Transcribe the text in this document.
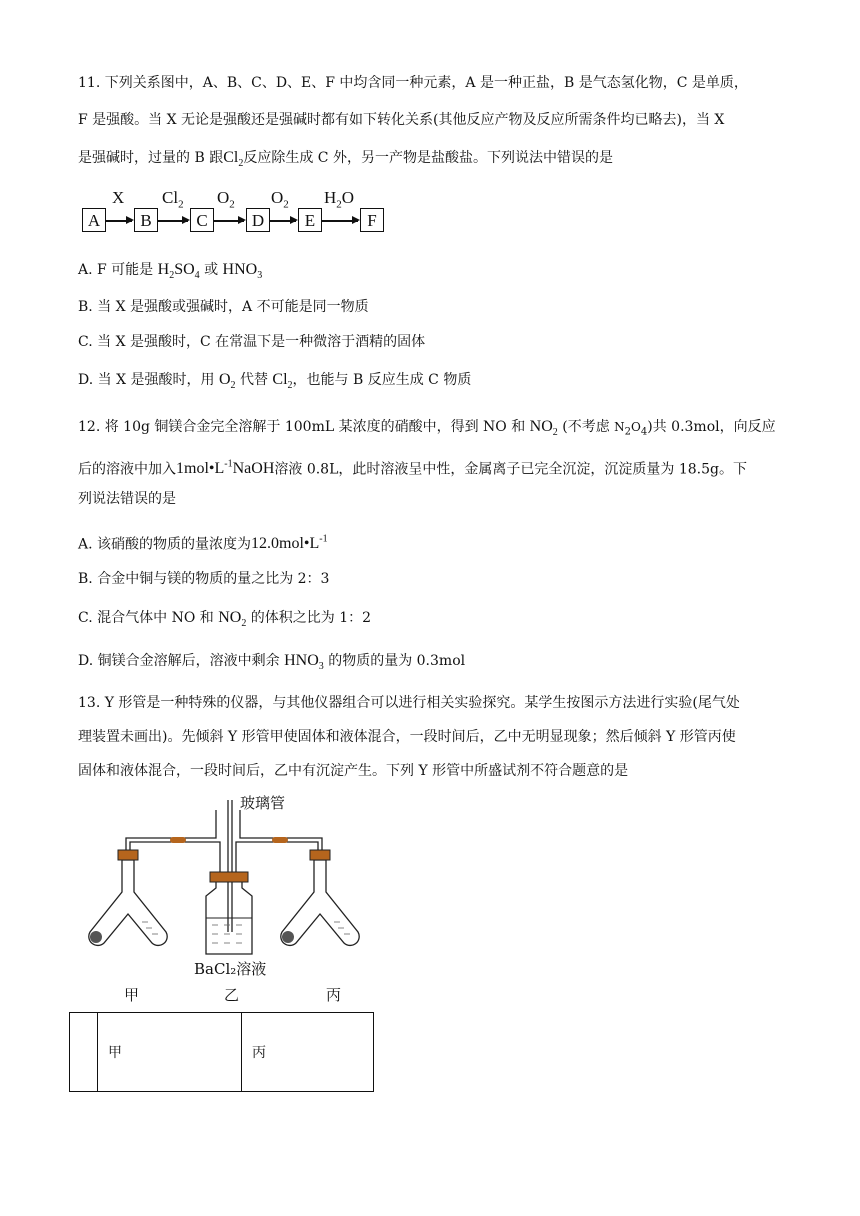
11. 下列关系图中，A、B、C、D、E、F 中均含同一种元素，A 是一种正盐，B 是气态氢化物，C 是单质，
F 是强酸。当 X 无论是强酸还是强碱时都有如下转化关系(其他反应产物及反应所需条件均已略去)，当 X
是强碱时，过量的 B 跟$Cl_2$反应除生成 C 外，另一产物是盐酸盐。下列说法中错误的是
A
X
B
$Cl_2$
C
$O_2$
D
$O_2$
E
$H_2O$
F
A. F 可能是 $H_2SO_4$ 或 $HNO_3$
B. 当 X 是强酸或强碱时，A 不可能是同一物质
C. 当 X 是强酸时，C 在常温下是一种微溶于酒精的固体
D. 当 X 是强酸时，用 $O_2$ 代替 $Cl_2$，也能与 B 反应生成 C 物质
12. 将 10g 铜镁合金完全溶解于 100mL 某浓度的硝酸中，得到 NO 和 $NO_2$ (不考虑 $N_2O_4$)共 0.3mol，向反应
后的溶液中加入$1mol•L^{-1}NaOH$溶液 0.8L，此时溶液呈中性，金属离子已完全沉淀，沉淀质量为 18.5g。下
列说法错误的是
A. 该硝酸的物质的量浓度为$12.0mol•L^{-1}$
B. 合金中铜与镁的物质的量之比为 2：3
C. 混合气体中 NO 和 $NO_2$ 的体积之比为 1：2
D. 铜镁合金溶解后，溶液中剩余 $HNO_3$ 的物质的量为 0.3mol
13. Y 形管是一种特殊的仪器，与其他仪器组合可以进行相关实验探究。某学生按图示方法进行实验(尾气处
理装置未画出)。先倾斜 Y 形管甲使固体和液体混合，一段时间后，乙中无明显现象；然后倾斜 Y 形管丙使
固体和液体混合，一段时间后，乙中有沉淀产生。下列 Y 形管中所盛试剂不符合题意的是
玻璃管
BaCl₂溶液
甲	乙	丙
	甲	丙
